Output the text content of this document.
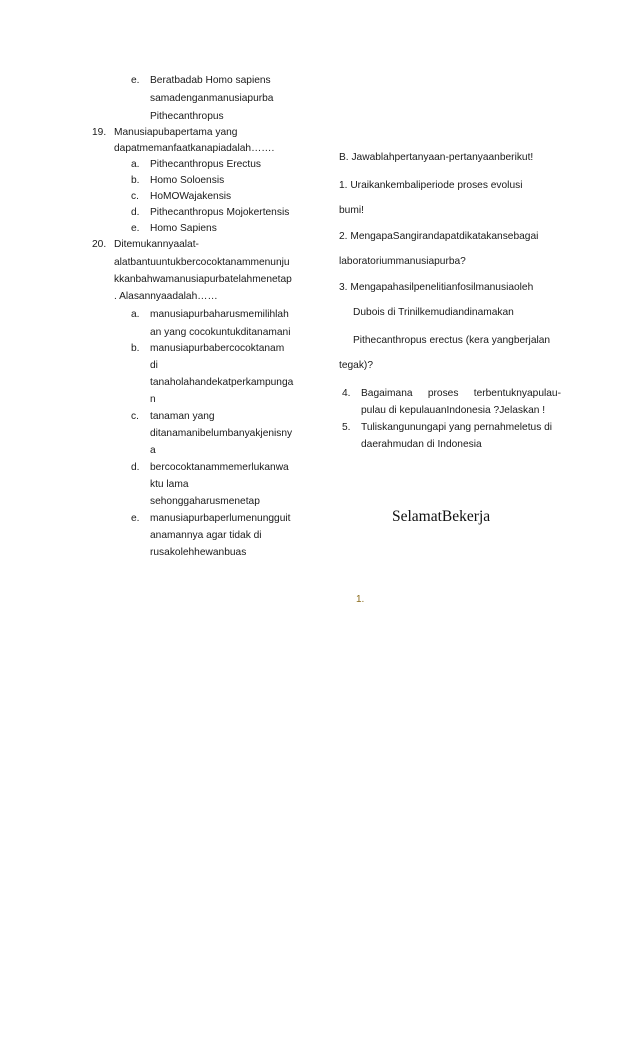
e. Beratbadab Homo sapiens
samadenganmanusiapurba
Pithecanthropus
19. Manusiapubapertama yang
dapatmemanfaatkanapiadalah…….
a. Pithecanthropus Erectus
b. Homo Soloensis
c. HoMOWajakensis
d. Pithecanthropus Mojokertensis
e. Homo Sapiens
20. Ditemukannyaalat-
alatbantuuntukbercocoktanammenunju
kkanbahwamanusiapurbatelahmenetap
. Alasannyaadalah……
a. manusiapurbaharusmemilihlah
an yang cocokuntukditanamani
b. manusiapurbabercocoktanam
di
tanaholahandekatperkampunga
n
c. tanaman yang
ditanamanibelumbanyakjenisny
a
d. bercocoktanammemerlukanwa
ktu lama
sehonggaharusmenetap
e. manusiapurbaperlumenungguit
anamannya agar tidak di
rusakolehhewanbuas
B. Jawablahpertanyaan-pertanyaanberikut!
1. Uraikankembaliperiode proses evolusi
bumi!
2. MengapaSangirandapatdikatakansebagai
laboratoriummanusiapurba?
3. Mengapahasilpenelitianfosilmanusiaoleh
Dubois di Trinilkemudiandinamakan
Pithecanthropus erectus (kera yangberjalan
tegak)?
4. Bagaimana proses terbentuknyapulau-
pulau di kepulauanIndonesia ?Jelaskan !
5. Tuliskangunungapi yang pernahmeletus di
daerahmudan di Indonesia
SelamatBekerja
1.
